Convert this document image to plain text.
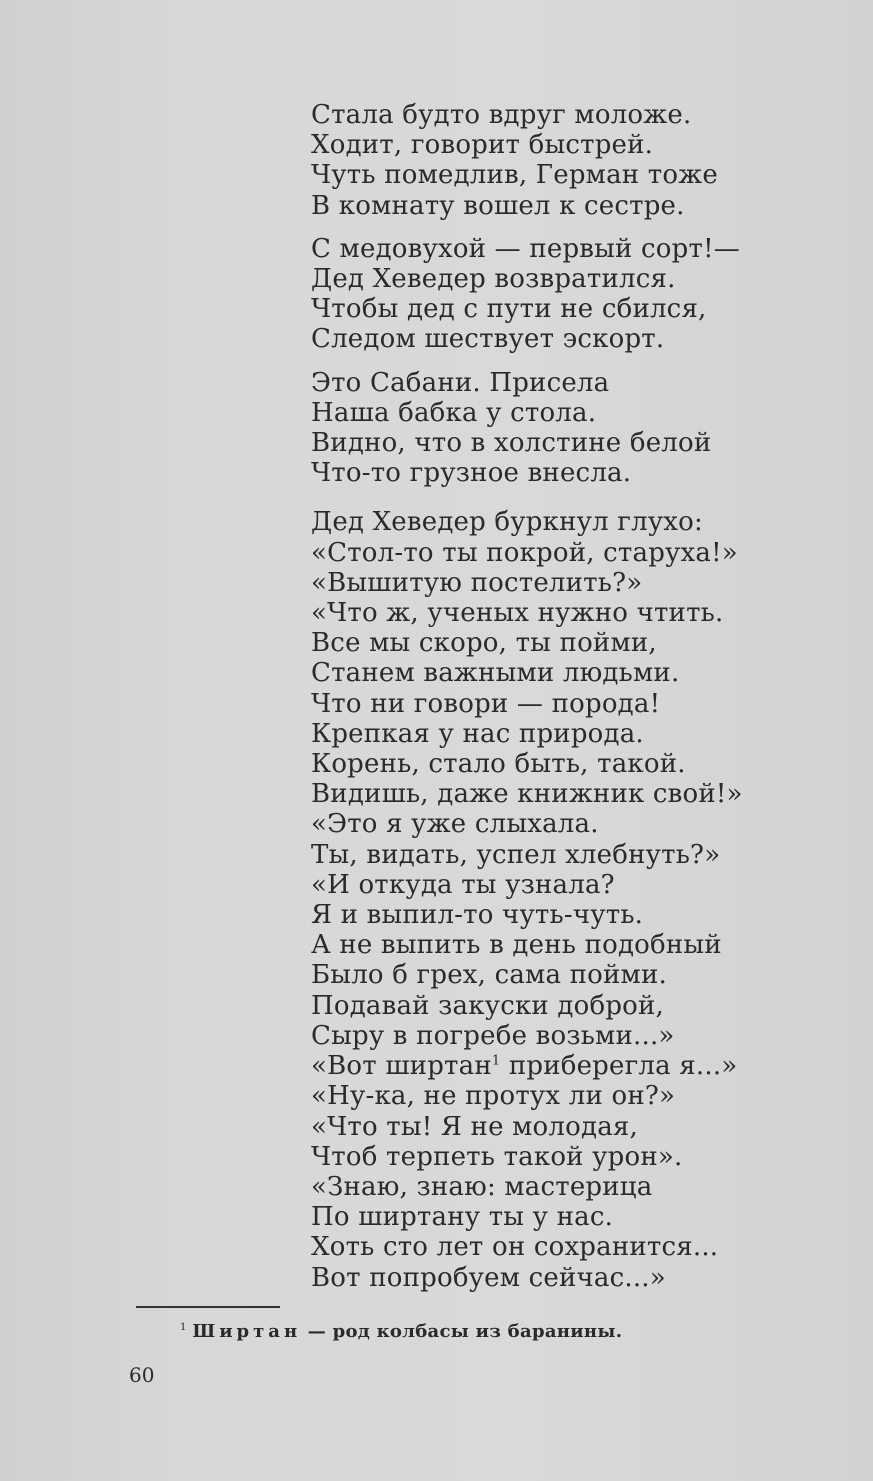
Стала будто вдруг моложе.
Ходит, говорит быстрей.
Чуть помедлив, Герман тоже
В комнату вошел к сестре.
С медовухой — первый сорт!—
Дед Хеведер возвратился.
Чтобы дед с пути не сбился,
Следом шествует эскорт.
Это Сабани. Присела
Наша бабка у стола.
Видно, что в холстине белой
Что-то грузное внесла.
Дед Хеведер буркнул глухо:
«Стол-то ты покрой, старуха!»
«Вышитую постелить?»
«Что ж, ученых нужно чтить.
Все мы скоро, ты пойми,
Станем важными людьми.
Что ни говори — порода!
Крепкая у нас природа.
Корень, стало быть, такой.
Видишь, даже книжник свой!»
«Это я уже слыхала.
Ты, видать, успел хлебнуть?»
«И откуда ты узнала?
Я и выпил-то чуть-чуть.
А не выпить в день подобный
Было б грех, сама пойми.
Подавай закуски доброй,
Сыру в погребе возьми...»
«Вот ширтан$^1$ приберегла я...»
«Ну-ка, не протух ли он?»
«Что ты! Я не молодая,
Чтоб терпеть такой урон».
«Знаю, знаю: мастерица
По ширтану ты у нас.
Хоть сто лет он сохранится...
Вот попробуем сейчас...»
$^1$ Ширтан — род колбасы из баранины.
60
